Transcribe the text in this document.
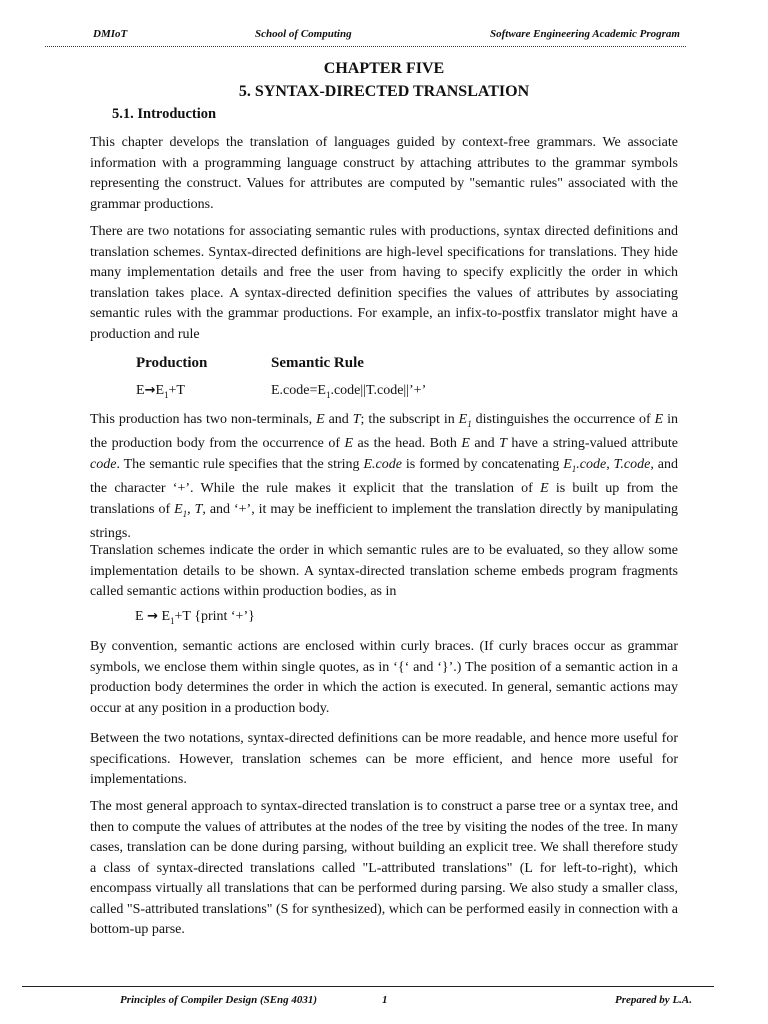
DMIoT	School of Computing	Software Engineering Academic Program
CHAPTER FIVE
5. SYNTAX-DIRECTED TRANSLATION
5.1. Introduction

This chapter develops the translation of languages guided by context-free grammars. We associate information with a programming language construct by attaching attributes to the grammar symbols representing the construct. Values for attributes are computed by "semantic rules" associated with the grammar productions.

There are two notations for associating semantic rules with productions, syntax directed definitions and translation schemes. Syntax-directed definitions are high-level specifications for translations. They hide many implementation details and free the user from having to specify explicitly the order in which translation takes place. A syntax-directed definition specifies the values of attributes by associating semantic rules with the grammar productions. For example, an infix-to-postfix translator might have a production and rule

Production	Semantic Rule
$E\to E_1+T$	$E.code=E_1.code||T.code||’+$’

This production has two non-terminals, E and T; the subscript in $E_1$ distinguishes the occurrence of E in the production body from the occurrence of E as the head. Both E and T have a string-valued attribute code. The semantic rule specifies that the string E.code is formed by concatenating $E_1.code$, T.code, and the character ‘+’. While the rule makes it explicit that the translation of E is built up from the translations of $E_1$, T, and ‘+’, it may be inefficient to implement the translation directly by manipulating strings.

Translation schemes indicate the order in which semantic rules are to be evaluated, so they allow some implementation details to be shown. A syntax-directed translation scheme embeds program fragments called semantic actions within production bodies, as in

$E \to E_1+T$ {print ‘+’}

By convention, semantic actions are enclosed within curly braces. (If curly braces occur as grammar symbols, we enclose them within single quotes, as in ‘{‘ and ‘}’.) The position of a semantic action in a production body determines the order in which the action is executed. In general, semantic actions may occur at any position in a production body.

Between the two notations, syntax-directed definitions can be more readable, and hence more useful for specifications. However, translation schemes can be more efficient, and hence more useful for implementations.

The most general approach to syntax-directed translation is to construct a parse tree or a syntax tree, and then to compute the values of attributes at the nodes of the tree by visiting the nodes of the tree. In many cases, translation can be done during parsing, without building an explicit tree. We shall therefore study a class of syntax-directed translations called "L-attributed translations" (L for left-to-right), which encompass virtually all translations that can be performed during parsing. We also study a smaller class, called "S-attributed translations" (S for synthesized), which can be performed easily in connection with a bottom-up parse.

Principles of Compiler Design (SEng 4031)	1	Prepared by L.A.
